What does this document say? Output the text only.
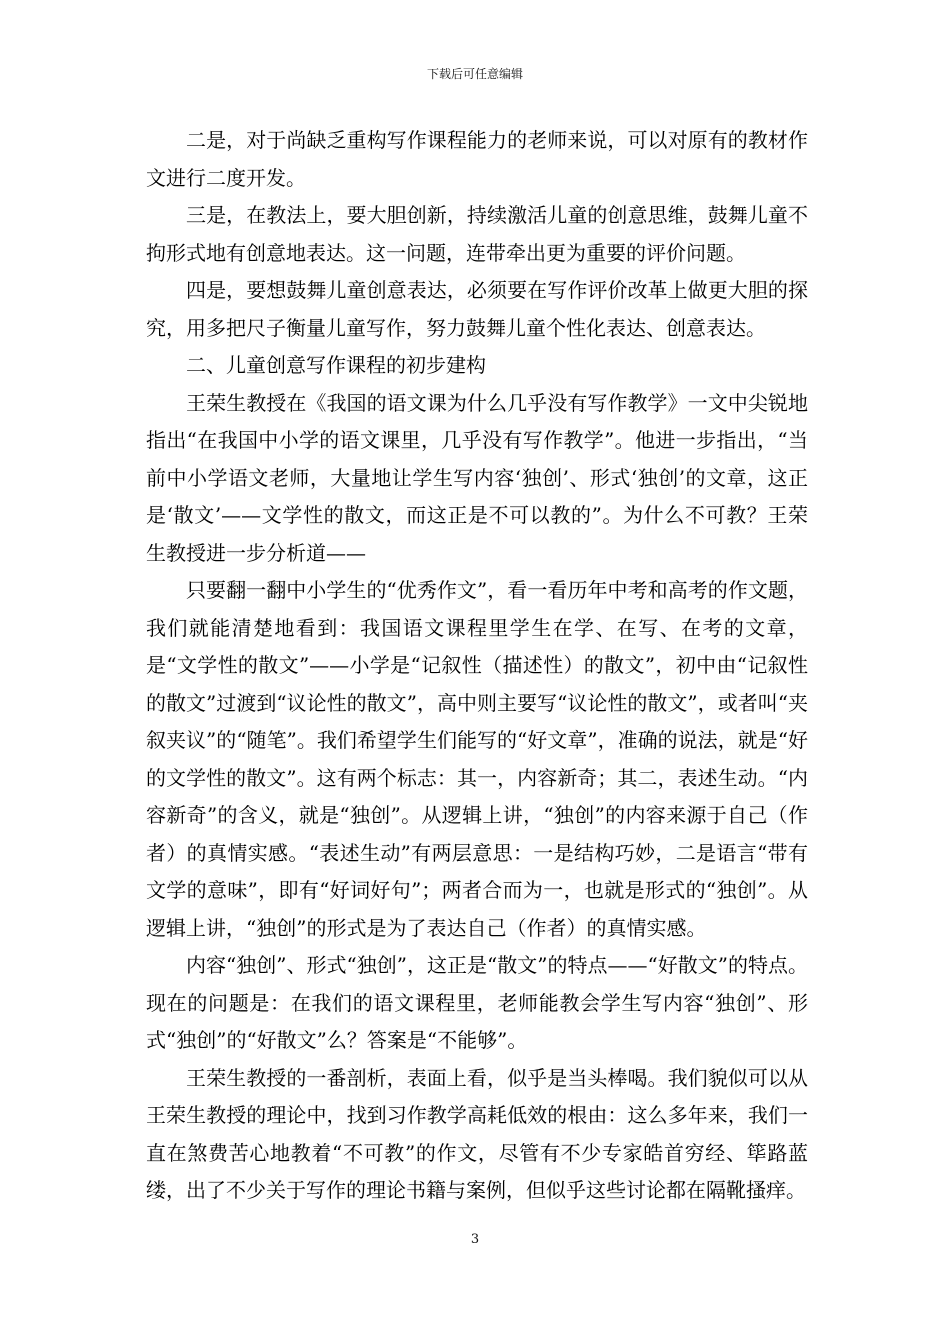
下载后可任意编辑

二是，对于尚缺乏重构写作课程能力的老师来说，可以对原有的教材作文进行二度开发。

三是，在教法上，要大胆创新，持续激活儿童的创意思维，鼓舞儿童不拘形式地有创意地表达。这一问题，连带牵出更为重要的评价问题。

四是，要想鼓舞儿童创意表达，必须要在写作评价改革上做更大胆的探究，用多把尺子衡量儿童写作，努力鼓舞儿童个性化表达、创意表达。

二、儿童创意写作课程的初步建构

王荣生教授在《我国的语文课为什么几乎没有写作教学》一文中尖锐地指出“在我国中小学的语文课里，几乎没有写作教学”。他进一步指出，“当前中小学语文老师，大量地让学生写内容‘独创’、形式‘独创’的文章，这正是‘散文’——文学性的散文，而这正是不可以教的”。为什么不可教？王荣生教授进一步分析道——

只要翻一翻中小学生的“优秀作文”，看一看历年中考和高考的作文题，我们就能清楚地看到：我国语文课程里学生在学、在写、在考的文章，是“文学性的散文”——小学是“记叙性（描述性）的散文”，初中由“记叙性的散文”过渡到“议论性的散文”，高中则主要写“议论性的散文”，或者叫“夹叙夹议”的“随笔”。我们希望学生们能写的“好文章”，准确的说法，就是“好的文学性的散文”。这有两个标志：其一，内容新奇；其二，表述生动。“内容新奇”的含义，就是“独创”。从逻辑上讲，“独创”的内容来源于自己（作者）的真情实感。“表述生动”有两层意思：一是结构巧妙，二是语言“带有文学的意味”，即有“好词好句”；两者合而为一，也就是形式的“独创”。从逻辑上讲，“独创”的形式是为了表达自己（作者）的真情实感。

内容“独创”、形式“独创”，这正是“散文”的特点——“好散文”的特点。现在的问题是：在我们的语文课程里，老师能教会学生写内容“独创”、形式“独创”的“好散文”么？答案是“不能够”。

王荣生教授的一番剖析，表面上看，似乎是当头棒喝。我们貌似可以从王荣生教授的理论中，找到习作教学高耗低效的根由：这么多年来，我们一直在煞费苦心地教着“不可教”的作文，尽管有不少专家皓首穷经、筚路蓝缕，出了不少关于写作的理论书籍与案例，但似乎这些讨论都在隔靴搔痒。

3
